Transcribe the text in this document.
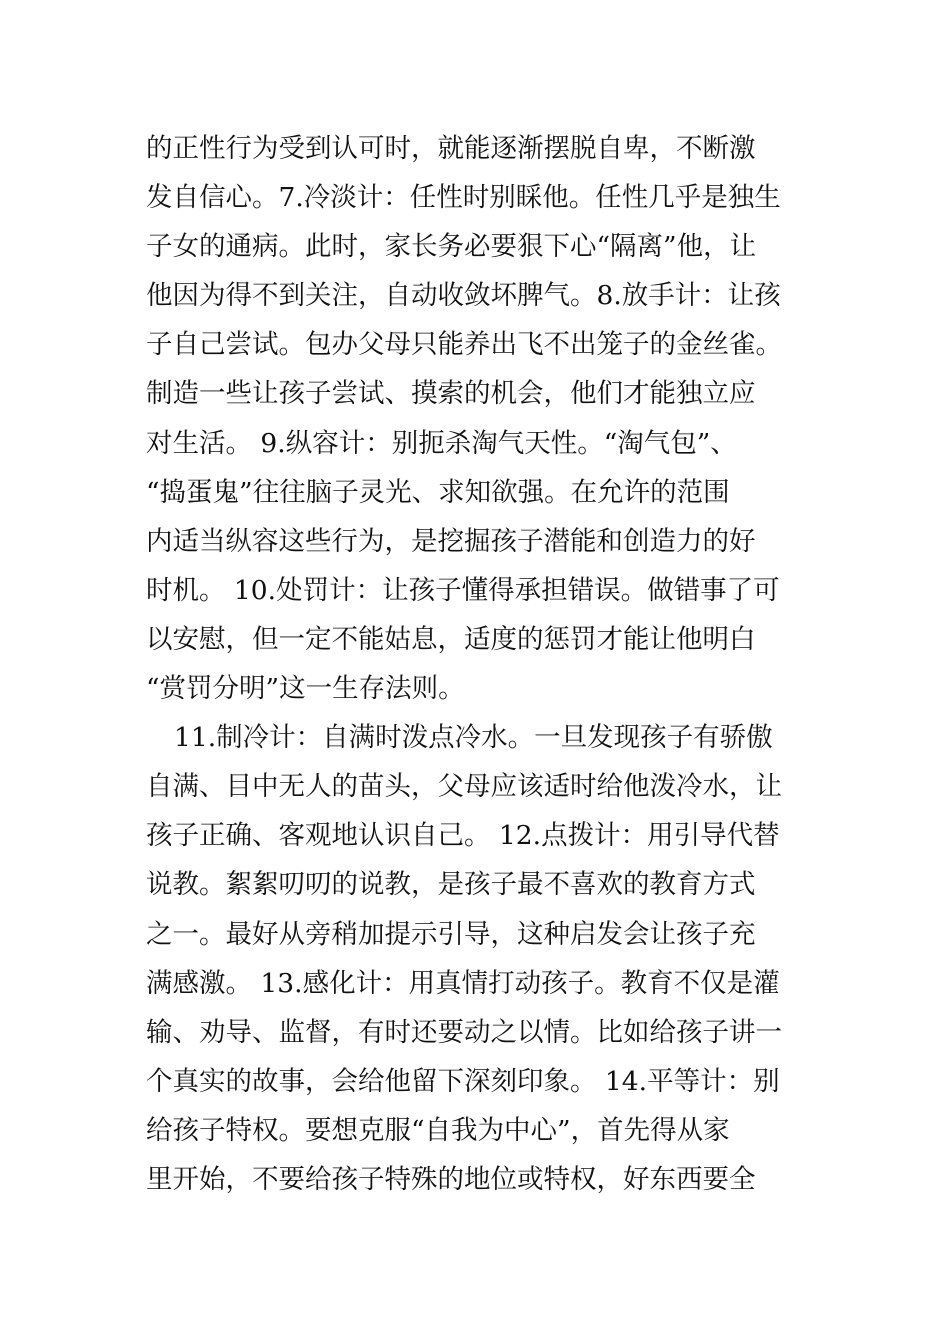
的正性行为受到认可时，就能逐渐摆脱自卑，不断激
发自信心。7.冷淡计：任性时别睬他。任性几乎是独生
子女的通病。此时，家长务必要狠下心“隔离”他，让
他因为得不到关注，自动收敛坏脾气。8.放手计：让孩
子自己尝试。包办父母只能养出飞不出笼子的金丝雀。
制造一些让孩子尝试、摸索的机会，他们才能独立应
对生活。 9.纵容计：别扼杀淘气天性。“淘气包”、
“捣蛋鬼”往往脑子灵光、求知欲强。在允许的范围
内适当纵容这些行为，是挖掘孩子潜能和创造力的好
时机。 10.处罚计：让孩子懂得承担错误。做错事了可
以安慰，但一定不能姑息，适度的惩罚才能让他明白
“赏罚分明”这一生存法则。
11.制冷计：自满时泼点冷水。一旦发现孩子有骄傲
自满、目中无人的苗头，父母应该适时给他泼冷水，让
孩子正确、客观地认识自己。 12.点拨计：用引导代替
说教。絮絮叨叨的说教，是孩子最不喜欢的教育方式
之一。最好从旁稍加提示引导，这种启发会让孩子充
满感激。 13.感化计：用真情打动孩子。教育不仅是灌
输、劝导、监督，有时还要动之以情。比如给孩子讲一
个真实的故事，会给他留下深刻印象。 14.平等计：别
给孩子特权。要想克服“自我为中心”，首先得从家
里开始，不要给孩子特殊的地位或特权，好东西要全
